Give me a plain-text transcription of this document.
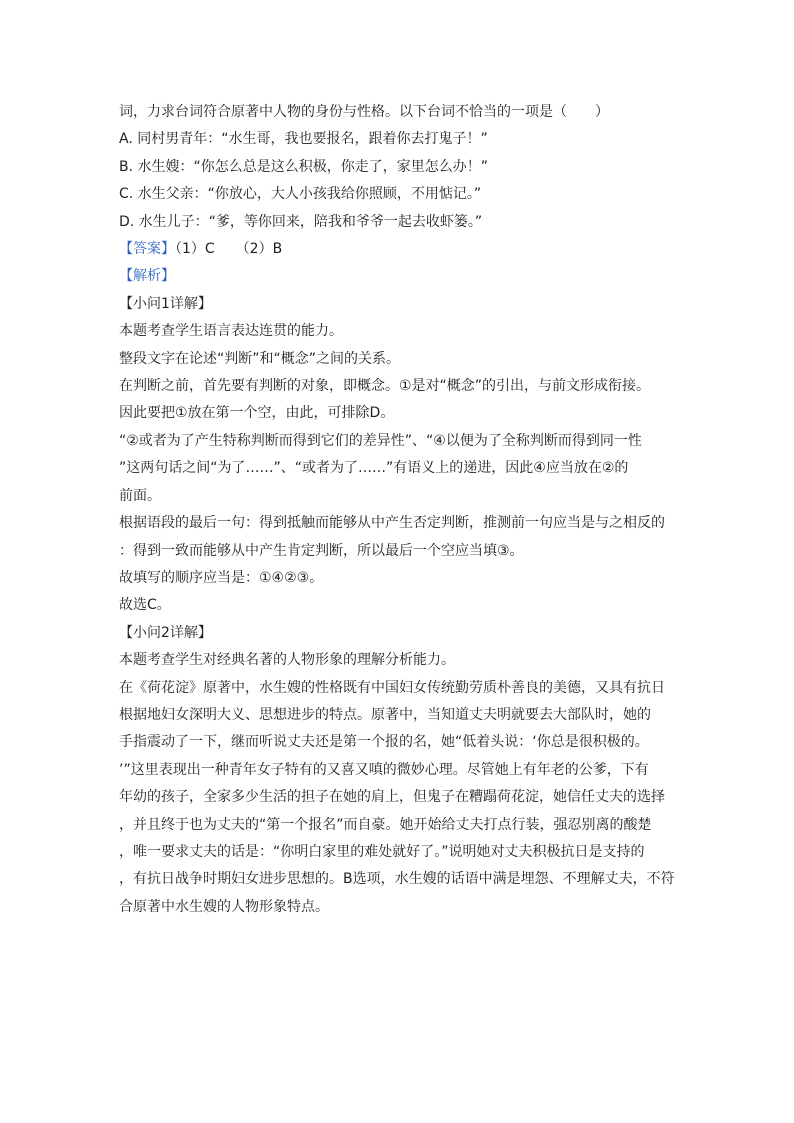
词，力求台词符合原著中人物的身份与性格。以下台词不恰当的一项是（　　）
A. 同村男青年：“水生哥，我也要报名，跟着你去打鬼子！”
B. 水生嫂：“你怎么总是这么积极，你走了，家里怎么办！”
C. 水生父亲：“你放心，大人小孩我给你照顾，不用惦记。”
D. 水生儿子：“爹，等你回来，陪我和爷爷一起去收虾篓。”
【答案】（1）C　　（2）B
【解析】
【小问1详解】
本题考查学生语言表达连贯的能力。
整段文字在论述“判断”和“概念”之间的关系。
在判断之前，首先要有判断的对象，即概念。①是对“概念”的引出，与前文形成衔接。
因此要把①放在第一个空，由此，可排除D。
“②或者为了产生特称判断而得到它们的差异性”、“④以便为了全称判断而得到同一性
”这两句话之间“为了……”、“或者为了……”有语义上的递进，因此④应当放在②的
前面。
根据语段的最后一句：得到抵触而能够从中产生否定判断，推测前一句应当是与之相反的
：得到一致而能够从中产生肯定判断，所以最后一个空应当填③。
故填写的顺序应当是：①④②③。
故选C。
【小问2详解】
本题考查学生对经典名著的人物形象的理解分析能力。
在《荷花淀》原著中，水生嫂的性格既有中国妇女传统勤劳质朴善良的美德，又具有抗日
根据地妇女深明大义、思想进步的特点。原著中，当知道丈夫明就要去大部队时，她的
手指震动了一下，继而听说丈夫还是第一个报的名，她“低着头说：‘你总是很积极的。
’”这里表现出一种青年女子特有的又喜又嗔的微妙心理。尽管她上有年老的公爹，下有
年幼的孩子，全家多少生活的担子在她的肩上，但鬼子在糟蹋荷花淀，她信任丈夫的选择
，并且终于也为丈夫的“第一个报名”而自豪。她开始给丈夫打点行装，强忍别离的酸楚
，唯一要求丈夫的话是：“你明白家里的难处就好了。”说明她对丈夫积极抗日是支持的
，有抗日战争时期妇女进步思想的。B选项，水生嫂的话语中满是埋怨、不理解丈夫，不符
合原著中水生嫂的人物形象特点。
